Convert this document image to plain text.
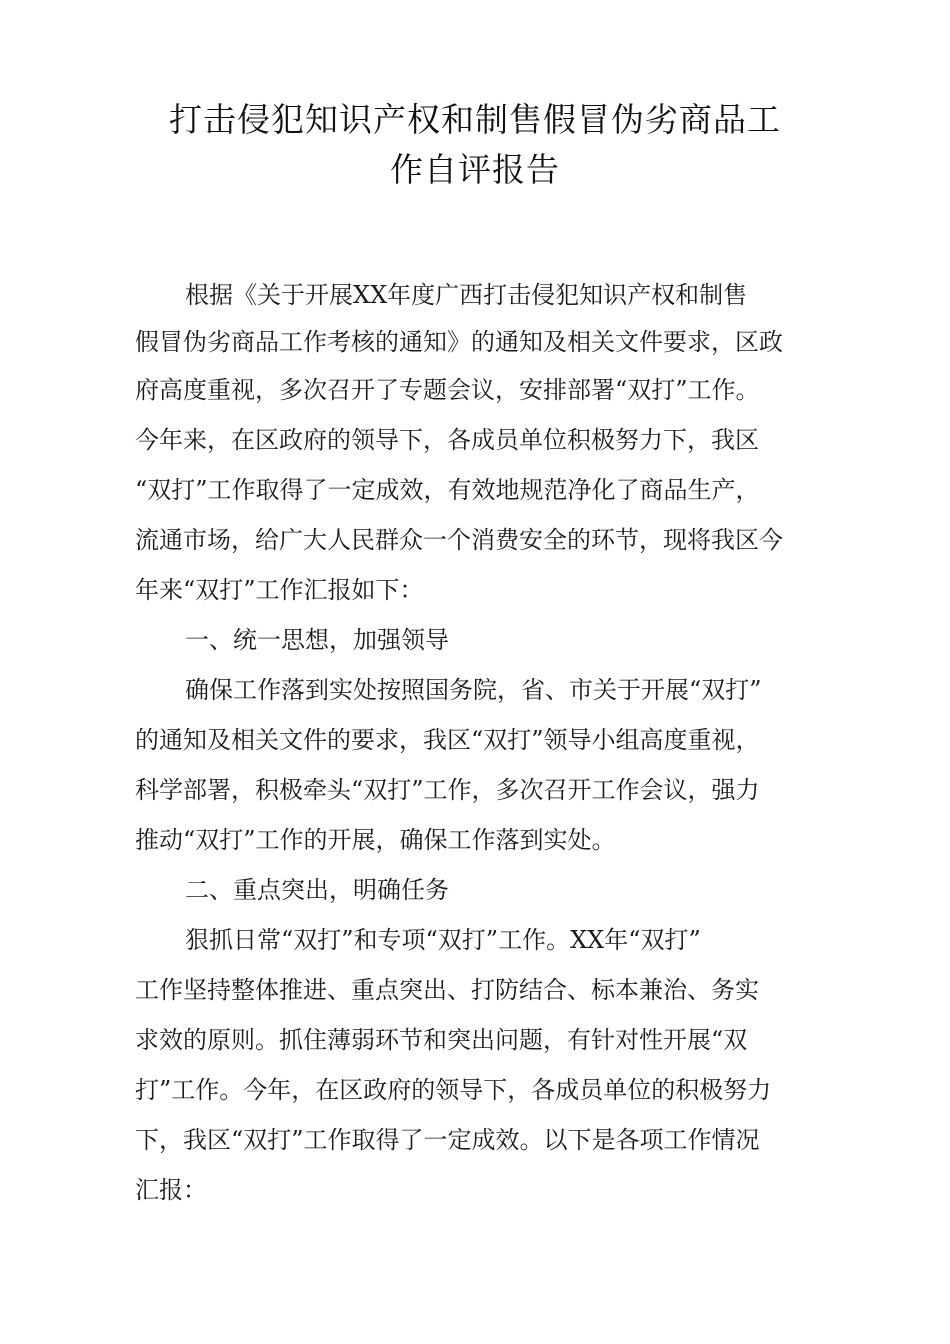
打击侵犯知识产权和制售假冒伪劣商品工
作自评报告
根据《关于开展XX年度广西打击侵犯知识产权和制售
假冒伪劣商品工作考核的通知》的通知及相关文件要求，区政
府高度重视，多次召开了专题会议，安排部署“双打”工作。
今年来，在区政府的领导下，各成员单位积极努力下，我区
“双打”工作取得了一定成效，有效地规范净化了商品生产，
流通市场，给广大人民群众一个消费安全的环节，现将我区今
年来“双打”工作汇报如下：
一、统一思想，加强领导
确保工作落到实处按照国务院，省、市关于开展“双打”
的通知及相关文件的要求，我区“双打”领导小组高度重视，
科学部署，积极牵头“双打”工作，多次召开工作会议，强力
推动“双打”工作的开展，确保工作落到实处。
二、重点突出，明确任务
狠抓日常“双打”和专项“双打”工作。XX年“双打”
工作坚持整体推进、重点突出、打防结合、标本兼治、务实
求效的原则。抓住薄弱环节和突出问题，有针对性开展“双
打”工作。今年，在区政府的领导下，各成员单位的积极努力
下，我区“双打”工作取得了一定成效。以下是各项工作情况
汇报：
